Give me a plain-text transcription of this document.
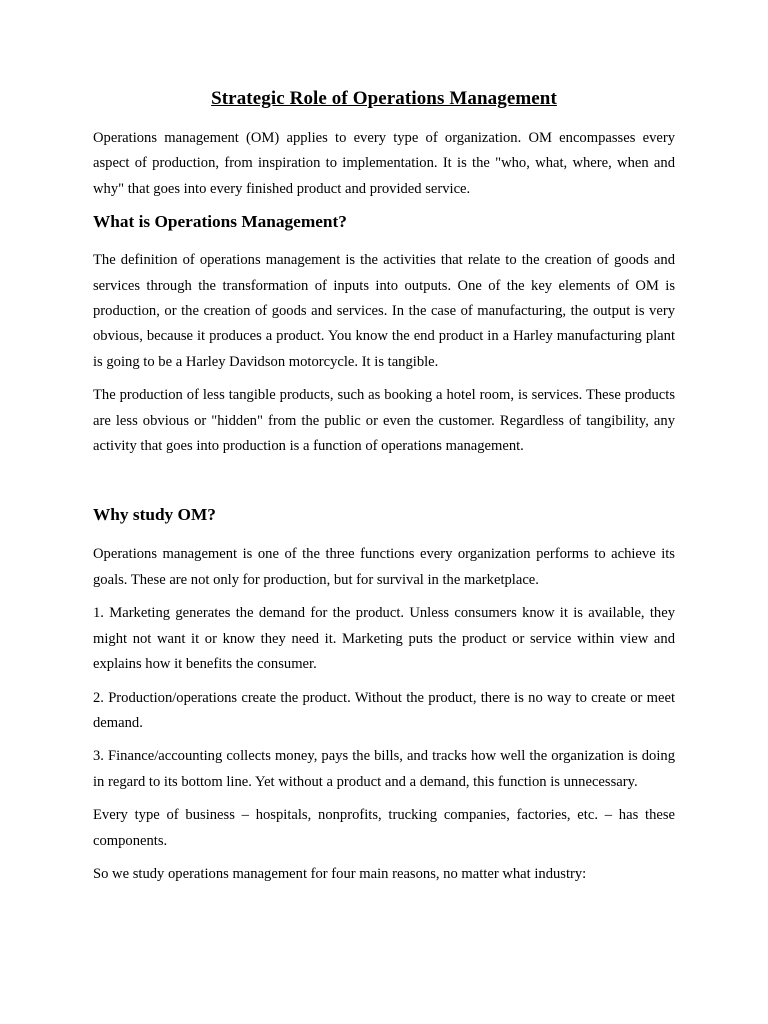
Strategic Role of Operations Management

Operations management (OM) applies to every type of organization. OM encompasses every aspect of production, from inspiration to implementation. It is the "who, what, where, when and why" that goes into every finished product and provided service.

What is Operations Management?

The definition of operations management is the activities that relate to the creation of goods and services through the transformation of inputs into outputs. One of the key elements of OM is production, or the creation of goods and services. In the case of manufacturing, the output is very obvious, because it produces a product. You know the end product in a Harley manufacturing plant is going to be a Harley Davidson motorcycle. It is tangible.

The production of less tangible products, such as booking a hotel room, is services. These products are less obvious or "hidden" from the public or even the customer. Regardless of tangibility, any activity that goes into production is a function of operations management.

Why study OM?

Operations management is one of the three functions every organization performs to achieve its goals. These are not only for production, but for survival in the marketplace.

1. Marketing generates the demand for the product. Unless consumers know it is available, they might not want it or know they need it. Marketing puts the product or service within view and explains how it benefits the consumer.

2. Production/operations create the product. Without the product, there is no way to create or meet demand.

3. Finance/accounting collects money, pays the bills, and tracks how well the organization is doing in regard to its bottom line. Yet without a product and a demand, this function is unnecessary.

Every type of business – hospitals, nonprofits, trucking companies, factories, etc. – has these components.

So we study operations management for four main reasons, no matter what industry:
